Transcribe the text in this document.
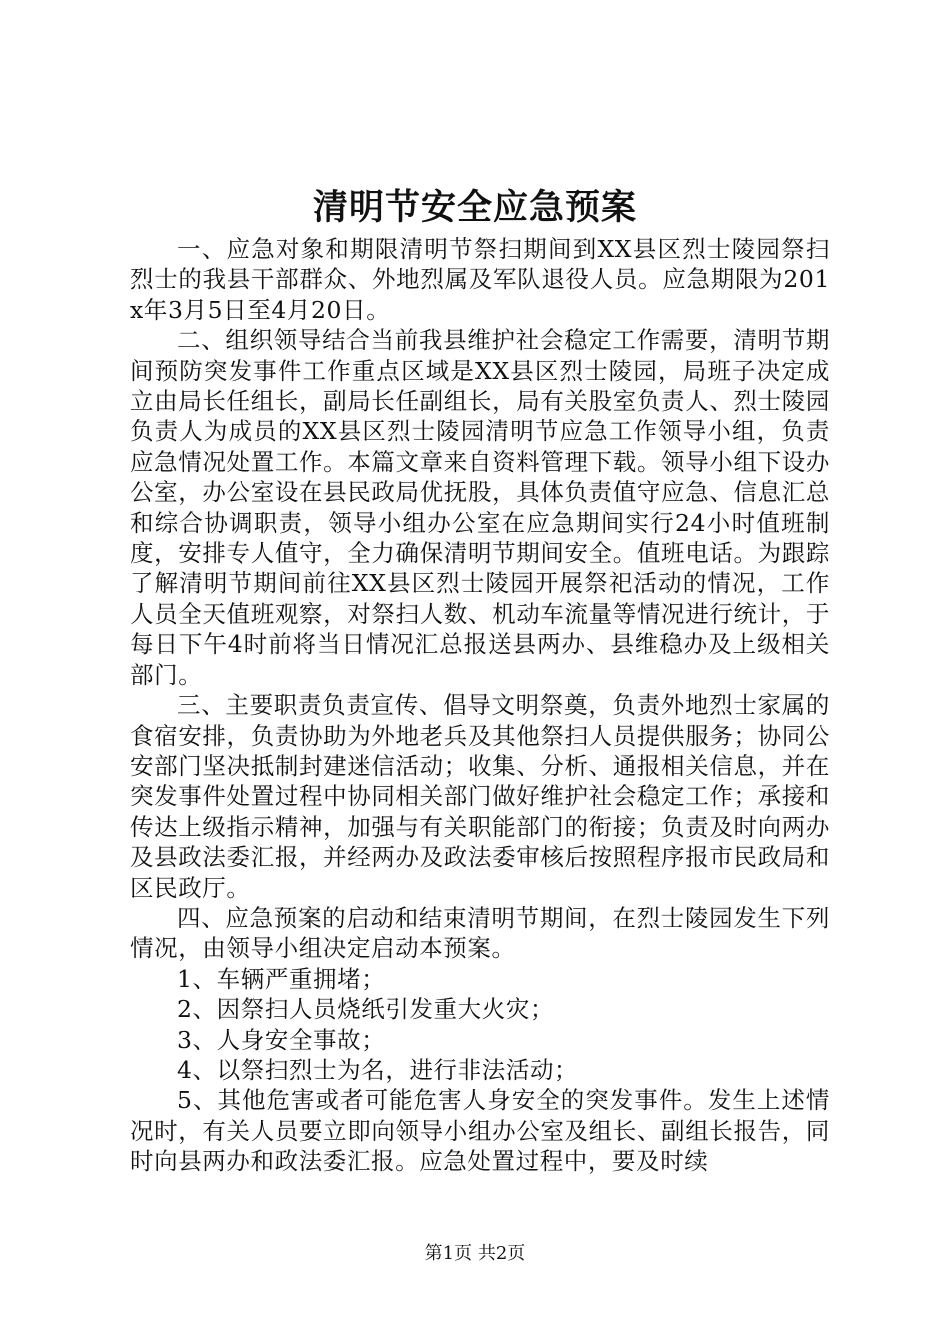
清明节安全应急预案

一、应急对象和期限清明节祭扫期间到XX县区烈士陵园祭扫烈士的我县干部群众、外地烈属及军队退役人员。应急期限为201x年3月5日至4月20日。

二、组织领导结合当前我县维护社会稳定工作需要，清明节期间预防突发事件工作重点区域是XX县区烈士陵园，局班子决定成立由局长任组长，副局长任副组长，局有关股室负责人、烈士陵园负责人为成员的XX县区烈士陵园清明节应急工作领导小组，负责应急情况处置工作。本篇文章来自资料管理下载。领导小组下设办公室，办公室设在县民政局优抚股，具体负责值守应急、信息汇总和综合协调职责，领导小组办公室在应急期间实行24小时值班制度，安排专人值守，全力确保清明节期间安全。值班电话。为跟踪了解清明节期间前往XX县区烈士陵园开展祭祀活动的情况，工作人员全天值班观察，对祭扫人数、机动车流量等情况进行统计，于每日下午4时前将当日情况汇总报送县两办、县维稳办及上级相关部门。

三、主要职责负责宣传、倡导文明祭奠，负责外地烈士家属的食宿安排，负责协助为外地老兵及其他祭扫人员提供服务；协同公安部门坚决抵制封建迷信活动；收集、分析、通报相关信息，并在突发事件处置过程中协同相关部门做好维护社会稳定工作；承接和传达上级指示精神，加强与有关职能部门的衔接；负责及时向两办及县政法委汇报，并经两办及政法委审核后按照程序报市民政局和区民政厅。

四、应急预案的启动和结束清明节期间，在烈士陵园发生下列情况，由领导小组决定启动本预案。

1、车辆严重拥堵；

2、因祭扫人员烧纸引发重大火灾；

3、人身安全事故；

4、以祭扫烈士为名，进行非法活动；

5、其他危害或者可能危害人身安全的突发事件。发生上述情况时，有关人员要立即向领导小组办公室及组长、副组长报告，同时向县两办和政法委汇报。应急处置过程中，要及时续

第1页 共2页
